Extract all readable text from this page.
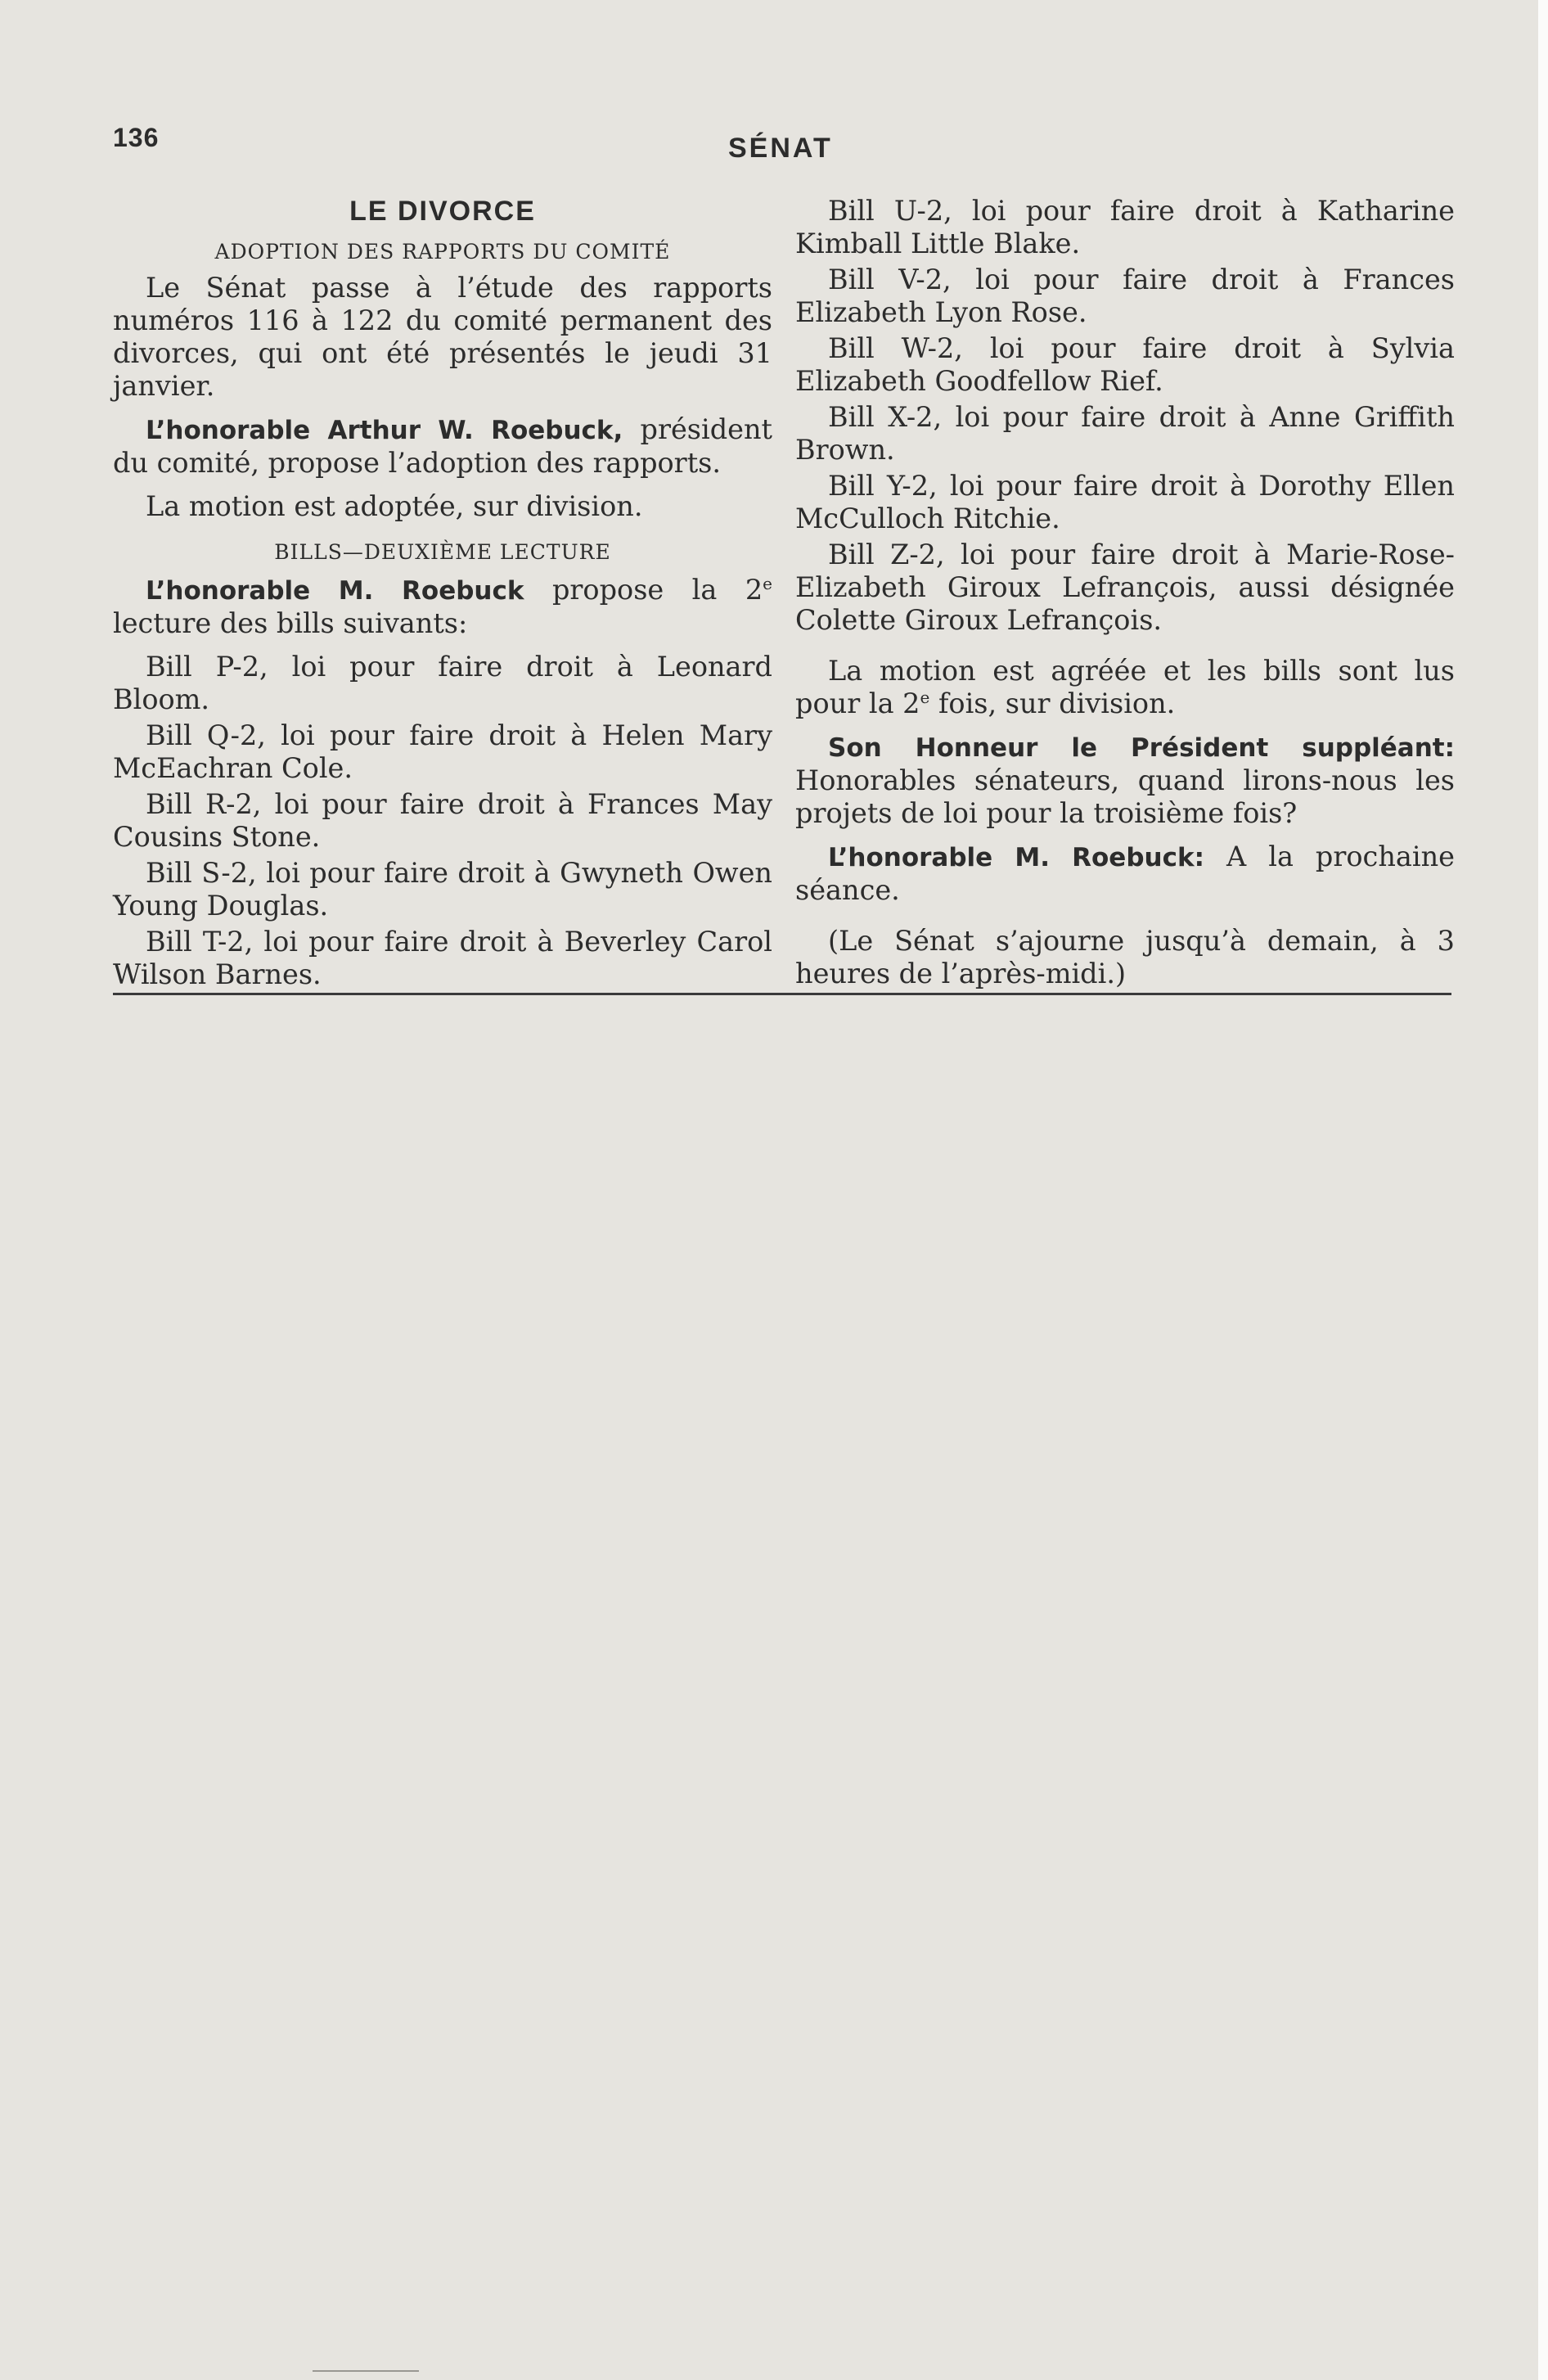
136	SÉNAT
LE DIVORCE
ADOPTION DES RAPPORTS DU COMITÉ

Le Sénat passe à l’étude des rapports numéros 116 à 122 du comité permanent des divorces, qui ont été présentés le jeudi 31 janvier.

L’honorable Arthur W. Roebuck, président du comité, propose l’adoption des rapports.

La motion est adoptée, sur division.

BILLS—DEUXIÈME LECTURE

L’honorable M. Roebuck propose la 2e lecture des bills suivants:

Bill P-2, loi pour faire droit à Leonard Bloom.

Bill Q-2, loi pour faire droit à Helen Mary McEachran Cole.

Bill R-2, loi pour faire droit à Frances May Cousins Stone.

Bill S-2, loi pour faire droit à Gwyneth Owen Young Douglas.

Bill T-2, loi pour faire droit à Beverley Carol Wilson Barnes.

Bill U-2, loi pour faire droit à Katharine Kimball Little Blake.

Bill V-2, loi pour faire droit à Frances Elizabeth Lyon Rose.

Bill W-2, loi pour faire droit à Sylvia Elizabeth Goodfellow Rief.

Bill X-2, loi pour faire droit à Anne Griffith Brown.

Bill Y-2, loi pour faire droit à Dorothy Ellen McCulloch Ritchie.

Bill Z-2, loi pour faire droit à Marie-Rose-Elizabeth Giroux Lefrançois, aussi désignée Colette Giroux Lefrançois.

La motion est agréée et les bills sont lus pour la 2e fois, sur division.

Son Honneur le Président suppléant: Honorables sénateurs, quand lirons-nous les projets de loi pour la troisième fois?

L’honorable M. Roebuck: A la prochaine séance.

(Le Sénat s’ajourne jusqu’à demain, à 3 heures de l’après-midi.)
